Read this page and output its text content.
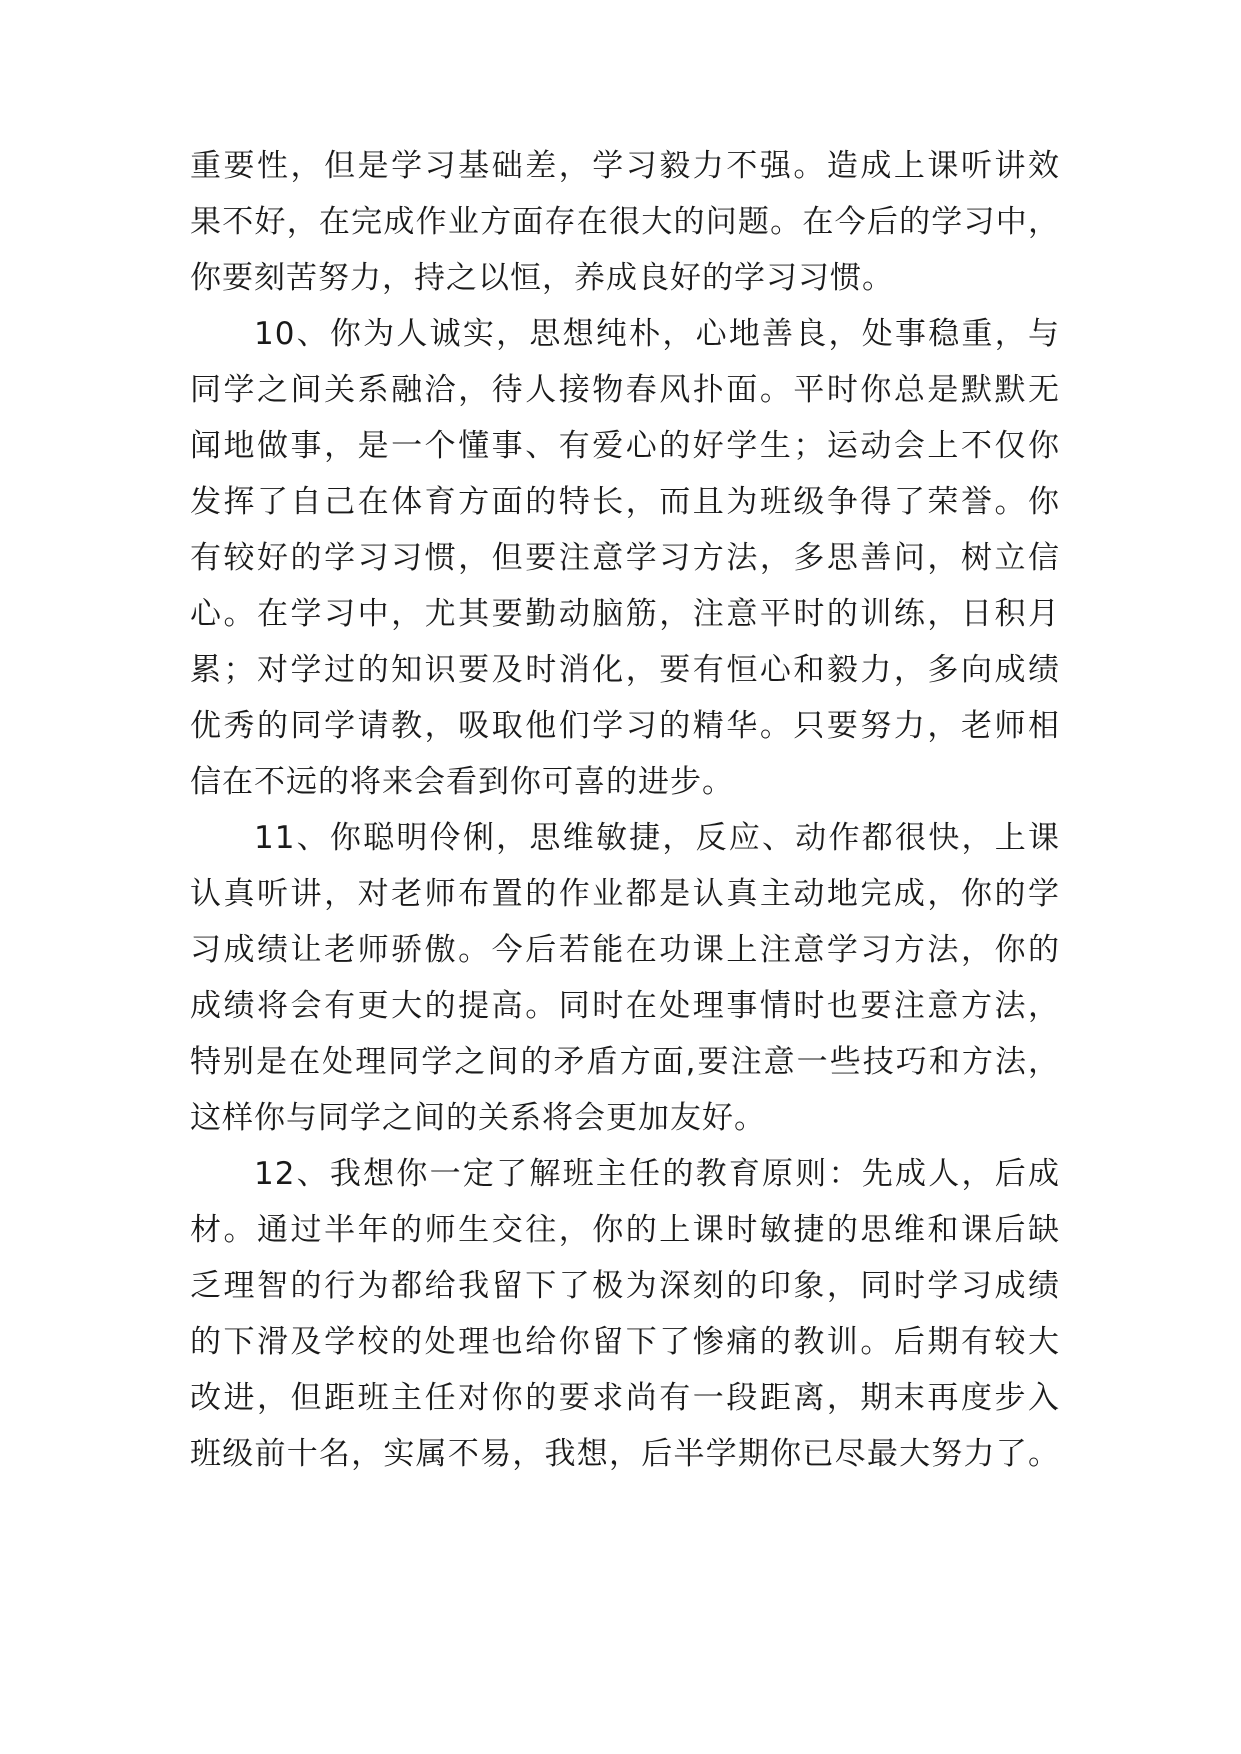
重要性，但是学习基础差，学习毅力不强。造成上课听讲效
果不好，在完成作业方面存在很大的问题。在今后的学习中，
你要刻苦努力，持之以恒，养成良好的学习习惯。
10、你为人诚实，思想纯朴，心地善良，处事稳重，与
同学之间关系融洽，待人接物春风扑面。平时你总是默默无
闻地做事，是一个懂事、有爱心的好学生；运动会上不仅你
发挥了自己在体育方面的特长，而且为班级争得了荣誉。你
有较好的学习习惯，但要注意学习方法，多思善问，树立信
心。在学习中，尤其要勤动脑筋，注意平时的训练，日积月
累；对学过的知识要及时消化，要有恒心和毅力，多向成绩
优秀的同学请教，吸取他们学习的精华。只要努力，老师相
信在不远的将来会看到你可喜的进步。
11、你聪明伶俐，思维敏捷，反应、动作都很快，上课
认真听讲，对老师布置的作业都是认真主动地完成，你的学
习成绩让老师骄傲。今后若能在功课上注意学习方法，你的
成绩将会有更大的提高。同时在处理事情时也要注意方法，
特别是在处理同学之间的矛盾方面,要注意一些技巧和方法，
这样你与同学之间的关系将会更加友好。
12、我想你一定了解班主任的教育原则：先成人，后成
材。通过半年的师生交往，你的上课时敏捷的思维和课后缺
乏理智的行为都给我留下了极为深刻的印象，同时学习成绩
的下滑及学校的处理也给你留下了惨痛的教训。后期有较大
改进，但距班主任对你的要求尚有一段距离，期末再度步入
班级前十名，实属不易，我想，后半学期你已尽最大努力了。
